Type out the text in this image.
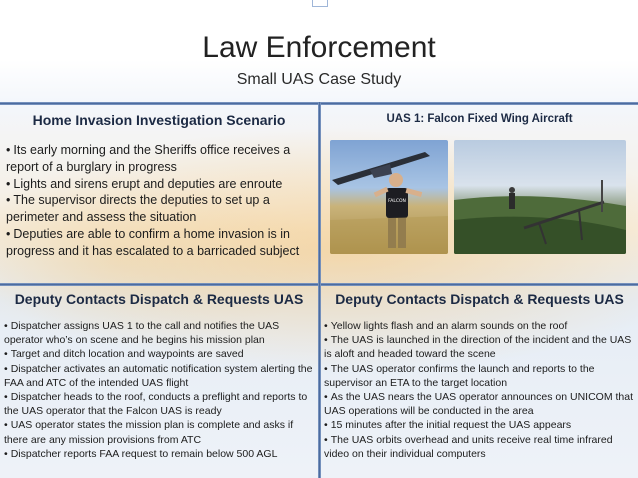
Law Enforcement
Small UAS Case Study
Home Invasion Investigation Scenario
• Its early morning and the Sheriffs office receives a report of a burglary in progress
• Lights and sirens erupt and deputies are enroute
• The supervisor directs the deputies to set up a perimeter and assess the situation
• Deputies are able to confirm a home invasion is in progress and it has escalated to a barricaded subject
UAS 1: Falcon Fixed Wing Aircraft
FALCON
Deputy Contacts Dispatch & Requests UAS
• Dispatcher assigns UAS 1 to the call and notifies the UAS operator who’s on scene and he begins his mission plan
• Target and ditch location and waypoints are saved
• Dispatcher activates an automatic notification system alerting the FAA and ATC of the intended UAS flight
• Dispatcher heads to the roof, conducts a preflight and reports to the UAS operator that the Falcon UAS is ready
• UAS operator states the mission plan is complete and asks if there are any mission provisions from ATC
• Dispatcher reports FAA request to remain below 500 AGL
Deputy Contacts Dispatch & Requests UAS
• Yellow lights flash and an alarm sounds on the roof
• The UAS is launched in the direction of the incident and the UAS is aloft and headed toward the scene
• The UAS operator confirms the launch and reports to the supervisor an ETA to the target location
• As the UAS nears the UAS operator announces on UNICOM that UAS operations will be conducted in the area
• 15 minutes after the initial request the UAS appears
• The UAS orbits overhead and units receive real time infrared video on their individual computers
